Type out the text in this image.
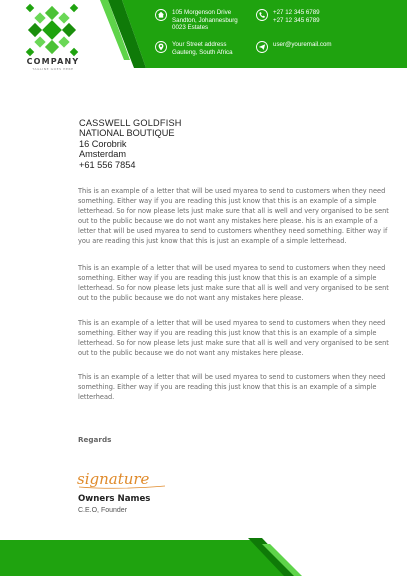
COMPANY
TAGLINE GOES HERE
105 Morgenson Drive
Sandton, Johannesburg
0023 Estates
+27 12 345 6789
+27 12 345 6789
Your Street address
Gauteng, South Africa
user@youremail.com
CASSWELL GOLDFISH
NATIONAL BOUTIQUE
16 Corobrik
Amsterdam
+61 556 7854

This is an example of a letter that will be used myarea to send to customers when they need something. Either way if you are reading this just know that this is an example of a simple letterhead. So for now please lets just make sure that all is well and very organised to be sent out to the public because we do not want any mistakes here please. his is an example of a letter that will be used myarea to send to customers whenthey need something. Either way if you are reading this just know that this is just an example of a simple letterhead.

This is an example of a letter that will be used myarea to send to customers when they need something. Either way if you are reading this just know that this is an example of a simple letterhead. So for now please lets just make sure that all is well and very organised to be sent out to the public because we do not want any mistakes here please.

This is an example of a letter that will be used myarea to send to customers when they need something. Either way if you are reading this just know that this is an example of a simple letterhead. So for now please lets just make sure that all is well and very organised to be sent out to the public because we do not want any mistakes here please.

This is an example of a letter that will be used myarea to send to customers when they need something. Either way if you are reading this just know that this is an example of a simple letterhead.

Regards
signature
Owners Names
C.E.O, Founder
